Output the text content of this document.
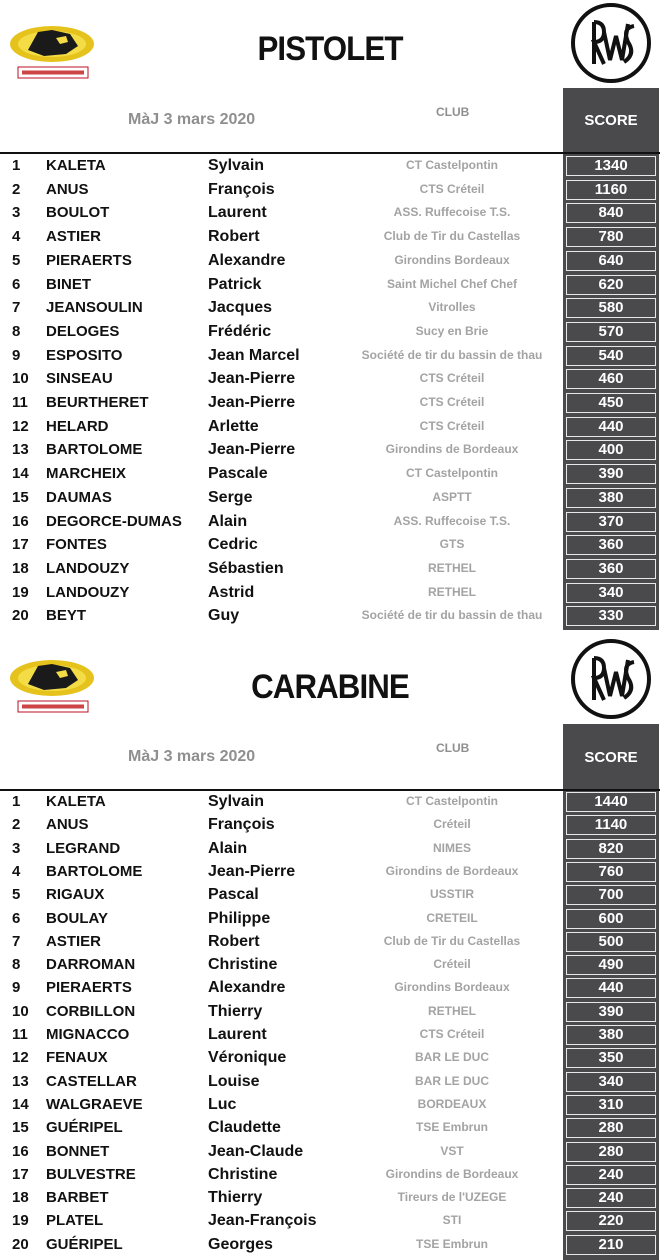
PISTOLET
MàJ 3 mars 2020	CLUB	SCORE
1 KALETA	Sylvain	CT Castelpontin	1340
2 ANUS	François	CTS Créteil	1160
3 BOULOT	Laurent	ASS. Ruffecoise T.S.	840
4 ASTIER	Robert	Club de Tir du Castellas	780
5 PIERAERTS	Alexandre	Girondins Bordeaux	640
6 BINET	Patrick	Saint Michel Chef Chef	620
7 JEANSOULIN	Jacques	Vitrolles	580
8 DELOGES	Frédéric	Sucy en Brie	570
9 ESPOSITO	Jean Marcel	Société de tir du bassin de thau	540
10 SINSEAU	Jean-Pierre	CTS Créteil	460
11 BEURTHERET	Jean-Pierre	CTS Créteil	450
12 HELARD	Arlette	CTS Créteil	440
13 BARTOLOME	Jean-Pierre	Girondins de Bordeaux	400
14 MARCHEIX	Pascale	CT Castelpontin	390
15 DAUMAS	Serge	ASPTT	380
16 DEGORCE-DUMAS Alain	ASS. Ruffecoise T.S.	370
17 FONTES	Cedric	GTS	360
18 LANDOUZY	Sébastien	RETHEL	360
19 LANDOUZY	Astrid	RETHEL	340
20 BEYT	Guy	Société de tir du bassin de thau	330
CARABINE
MàJ 3 mars 2020	CLUB
SCORE
1 KALETA	Sylvain	CT Castelpontin	1440
2 ANUS	François	Créteil	1140
3 LEGRAND	Alain	NIMES	820
4 BARTOLOME	Jean-Pierre	Girondins de Bordeaux	760
5 RIGAUX	Pascal	USSTIR	700
6 BOULAY	Philippe	CRETEIL	600
7 ASTIER	Robert	Club de Tir du Castellas	500
8 DARROMAN	Christine	Créteil	490
9 PIERAERTS	Alexandre	Girondins Bordeaux	440
10 CORBILLON	Thierry	RETHEL	390
11 MIGNACCO	Laurent	CTS Créteil	380
12 FENAUX	Véronique	BAR LE DUC	350
13 CASTELLAR	Louise	BAR LE DUC	340
14 WALGRAEVE	Luc	BORDEAUX	310
15 GUÉRIPEL	Claudette	TSE Embrun	280
16 BONNET	Jean-Claude	VST	280
17 BULVESTRE	Christine	Girondins de Bordeaux	240
18 BARBET	Thierry	Tireurs de l'UZEGE	240
19 PLATEL	Jean-François	STI	220
20 GUÉRIPEL	Georges	TSE Embrun	210
